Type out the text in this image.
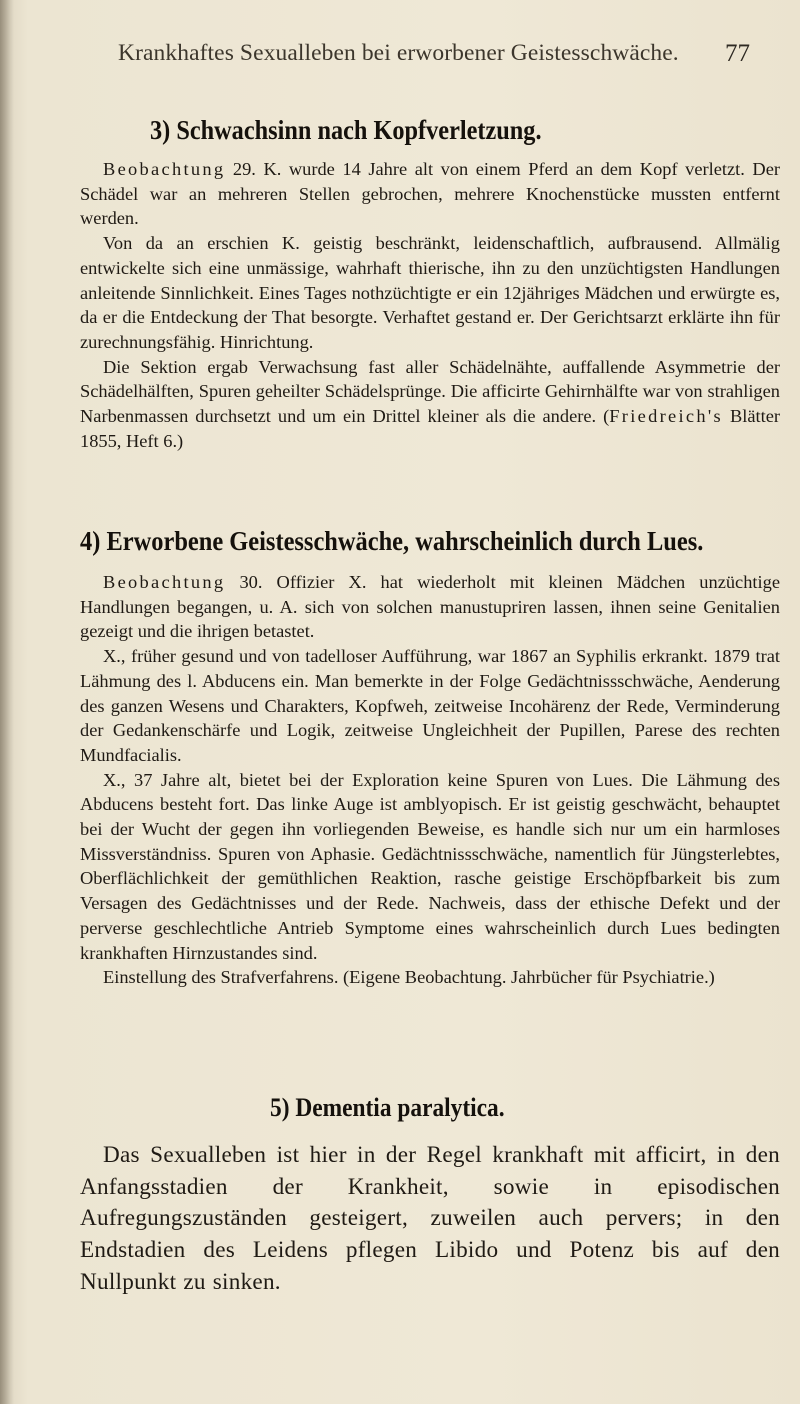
Krankhaftes Sexualleben bei erworbener Geistesschwäche. 77
3) Schwachsinn nach Kopfverletzung.

Beobachtung 29. K. wurde 14 Jahre alt von einem Pferd an dem Kopf verletzt. Der Schädel war an mehreren Stellen gebrochen, mehrere Knochenstücke mussten entfernt werden.

Von da an erschien K. geistig beschränkt, leidenschaftlich, aufbrausend. Allmälig entwickelte sich eine unmässige, wahrhaft thierische, ihn zu den unzüchtigsten Handlungen anleitende Sinnlichkeit. Eines Tages nothzüchtigte er ein 12jähriges Mädchen und erwürgte es, da er die Entdeckung der That besorgte. Verhaftet gestand er. Der Gerichtsarzt erklärte ihn für zurechnungsfähig. Hinrichtung.

Die Sektion ergab Verwachsung fast aller Schädelnähte, auffallende Asymmetrie der Schädelhälften, Spuren geheilter Schädelsprünge. Die afficirte Gehirnhälfte war von strahligen Narbenmassen durchsetzt und um ein Drittel kleiner als die andere. (Friedreich's Blätter 1855, Heft 6.)

4) Erworbene Geistesschwäche, wahrscheinlich durch Lues.

Beobachtung 30. Offizier X. hat wiederholt mit kleinen Mädchen unzüchtige Handlungen begangen, u. A. sich von solchen manustupriren lassen, ihnen seine Genitalien gezeigt und die ihrigen betastet.

X., früher gesund und von tadelloser Aufführung, war 1867 an Syphilis erkrankt. 1879 trat Lähmung des l. Abducens ein. Man bemerkte in der Folge Gedächtnissschwäche, Aenderung des ganzen Wesens und Charakters, Kopfweh, zeitweise Incohärenz der Rede, Verminderung der Gedankenschärfe und Logik, zeitweise Ungleichheit der Pupillen, Parese des rechten Mundfacialis.

X., 37 Jahre alt, bietet bei der Exploration keine Spuren von Lues. Die Lähmung des Abducens besteht fort. Das linke Auge ist amblyopisch. Er ist geistig geschwächt, behauptet bei der Wucht der gegen ihn vorliegenden Beweise, es handle sich nur um ein harmloses Missverständniss. Spuren von Aphasie. Gedächtnissschwäche, namentlich für Jüngsterlebtes, Oberflächlichkeit der gemüthlichen Reaktion, rasche geistige Erschöpfbarkeit bis zum Versagen des Gedächtnisses und der Rede. Nachweis, dass der ethische Defekt und der perverse geschlechtliche Antrieb Symptome eines wahrscheinlich durch Lues bedingten krankhaften Hirnzustandes sind.

Einstellung des Strafverfahrens. (Eigene Beobachtung. Jahrbücher für Psychiatrie.)

5) Dementia paralytica.

Das Sexualleben ist hier in der Regel krankhaft mit afficirt, in den Anfangsstadien der Krankheit, sowie in episodischen Aufregungszuständen gesteigert, zuweilen auch pervers; in den Endstadien des Leidens pflegen Libido und Potenz bis auf den Nullpunkt zu sinken.
